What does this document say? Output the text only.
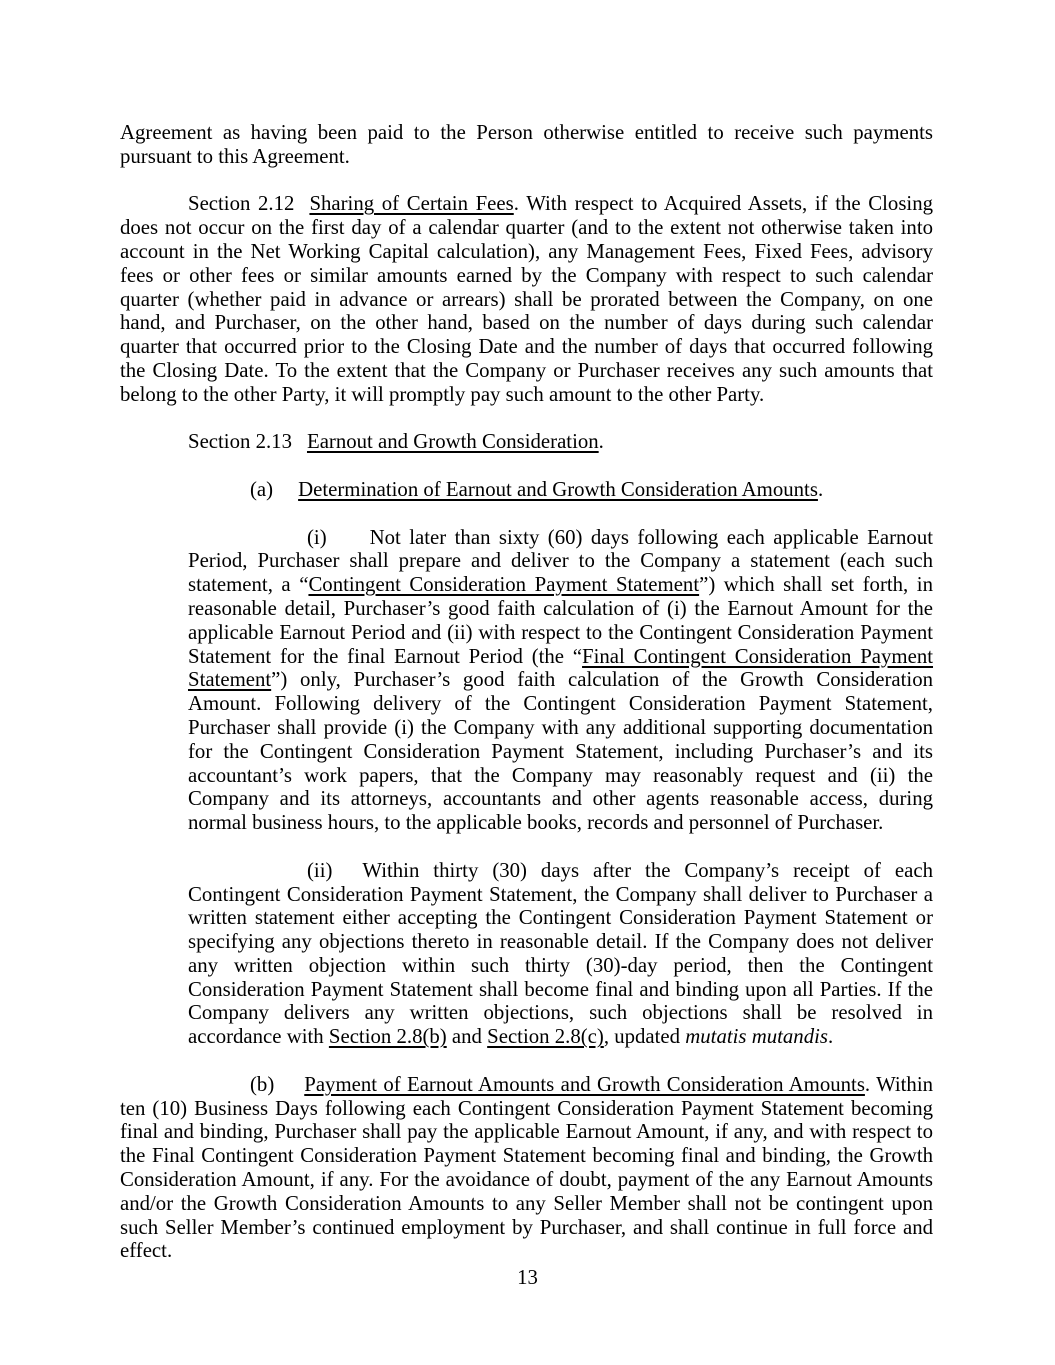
Agreement as having been paid to the Person otherwise entitled to receive such payments pursuant to this Agreement.

Section 2.12 Sharing of Certain Fees. With respect to Acquired Assets, if the Closing does not occur on the first day of a calendar quarter (and to the extent not otherwise taken into account in the Net Working Capital calculation), any Management Fees, Fixed Fees, advisory fees or other fees or similar amounts earned by the Company with respect to such calendar quarter (whether paid in advance or arrears) shall be prorated between the Company, on one hand, and Purchaser, on the other hand, based on the number of days during such calendar quarter that occurred prior to the Closing Date and the number of days that occurred following the Closing Date. To the extent that the Company or Purchaser receives any such amounts that belong to the other Party, it will promptly pay such amount to the other Party.

Section 2.13 Earnout and Growth Consideration.

(a) Determination of Earnout and Growth Consideration Amounts.

(i) Not later than sixty (60) days following each applicable Earnout Period, Purchaser shall prepare and deliver to the Company a statement (each such statement, a “Contingent Consideration Payment Statement”) which shall set forth, in reasonable detail, Purchaser’s good faith calculation of (i) the Earnout Amount for the applicable Earnout Period and (ii) with respect to the Contingent Consideration Payment Statement for the final Earnout Period (the “Final Contingent Consideration Payment Statement”) only, Purchaser’s good faith calculation of the Growth Consideration Amount. Following delivery of the Contingent Consideration Payment Statement, Purchaser shall provide (i) the Company with any additional supporting documentation for the Contingent Consideration Payment Statement, including Purchaser’s and its accountant’s work papers, that the Company may reasonably request and (ii) the Company and its attorneys, accountants and other agents reasonable access, during normal business hours, to the applicable books, records and personnel of Purchaser.

(ii) Within thirty (30) days after the Company’s receipt of each Contingent Consideration Payment Statement, the Company shall deliver to Purchaser a written statement either accepting the Contingent Consideration Payment Statement or specifying any objections thereto in reasonable detail. If the Company does not deliver any written objection within such thirty (30)-day period, then the Contingent Consideration Payment Statement shall become final and binding upon all Parties. If the Company delivers any written objections, such objections shall be resolved in accordance with Section 2.8(b) and Section 2.8(c), updated mutatis mutandis.

(b) Payment of Earnout Amounts and Growth Consideration Amounts. Within ten (10) Business Days following each Contingent Consideration Payment Statement becoming final and binding, Purchaser shall pay the applicable Earnout Amount, if any, and with respect to the Final Contingent Consideration Payment Statement becoming final and binding, the Growth Consideration Amount, if any. For the avoidance of doubt, payment of the any Earnout Amounts and/or the Growth Consideration Amounts to any Seller Member shall not be contingent upon such Seller Member’s continued employment by Purchaser, and shall continue in full force and effect.

13
